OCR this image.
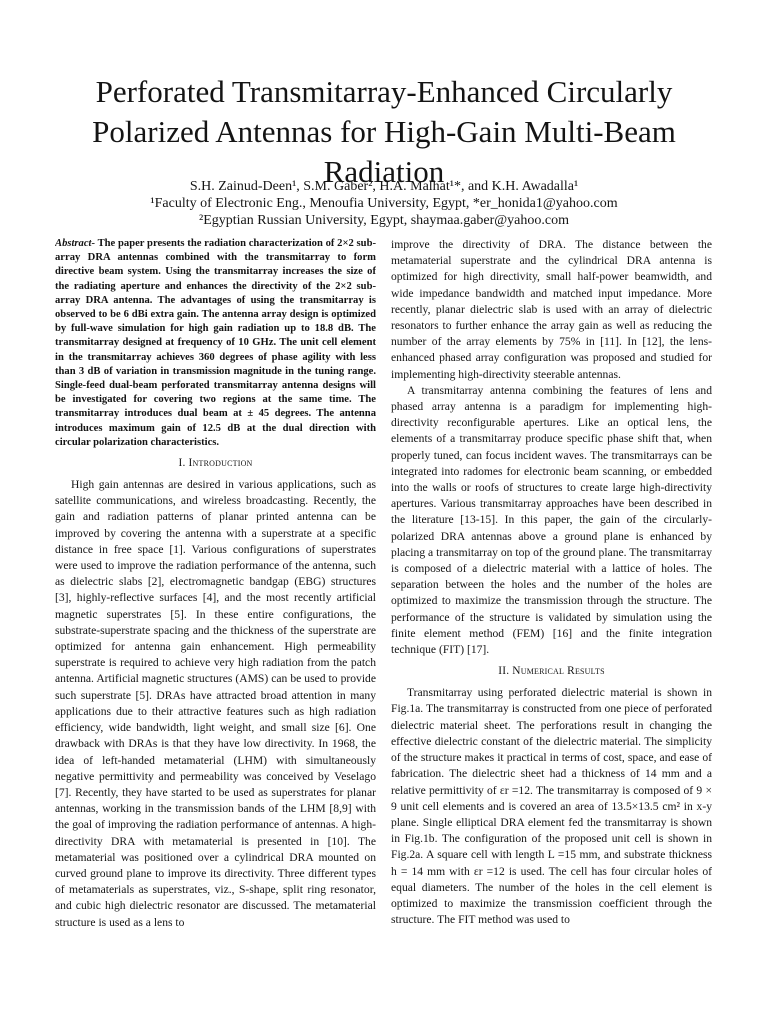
Perforated Transmitarray-Enhanced Circularly
Polarized Antennas for High-Gain Multi-Beam
Radiation
S.H. Zainud-Deen¹, S.M. Gaber², H.A. Malhat¹*, and K.H. Awadalla¹
¹Faculty of Electronic Eng., Menoufia University, Egypt, *er_honida1@yahoo.com
²Egyptian Russian University, Egypt, shaymaa.gaber@yahoo.com

Abstract- The paper presents the radiation characterization of 2×2 sub-array DRA antennas combined with the transmitarray to form directive beam system. Using the transmitarray increases the size of the radiating aperture and enhances the directivity of the 2×2 sub-array DRA antenna. The advantages of using the transmitarray is observed to be 6 dBi extra gain. The antenna array design is optimized by full-wave simulation for high gain radiation up to 18.8 dB. The transmitarray designed at frequency of 10 GHz. The unit cell element in the transmitarray achieves 360 degrees of phase agility with less than 3 dB of variation in transmission magnitude in the tuning range. Single-feed dual-beam perforated transmitarray antenna designs will be investigated for covering two regions at the same time. The transmitarray introduces dual beam at ± 45 degrees. The antenna introduces maximum gain of 12.5 dB at the dual direction with circular polarization characteristics.

I. Introduction

High gain antennas are desired in various applications, such as satellite communications, and wireless broadcasting. Recently, the gain and radiation patterns of planar printed antenna can be improved by covering the antenna with a superstrate at a specific distance in free space [1]. Various configurations of superstrates were used to improve the radiation performance of the antenna, such as dielectric slabs [2], electromagnetic bandgap (EBG) structures [3], highly-reflective surfaces [4], and the most recently artificial magnetic superstrates [5]. In these entire configurations, the substrate-superstrate spacing and the thickness of the superstrate are optimized for antenna gain enhancement. High permeability superstrate is required to achieve very high radiation from the patch antenna. Artificial magnetic structures (AMS) can be used to provide such superstrate [5]. DRAs have attracted broad attention in many applications due to their attractive features such as high radiation efficiency, wide bandwidth, light weight, and small size [6]. One drawback with DRAs is that they have low directivity. In 1968, the idea of left-handed metamaterial (LHM) with simultaneously negative permittivity and permeability was conceived by Veselago [7]. Recently, they have started to be used as superstrates for planar antennas, working in the transmission bands of the LHM [8,9] with the goal of improving the radiation performance of antennas. A high-directivity DRA with metamaterial is presented in [10]. The metamaterial was positioned over a cylindrical DRA mounted on curved ground plane to improve its directivity. Three different types of metamaterials as superstrates, viz., S-shape, split ring resonator, and cubic high dielectric resonator are discussed. The metamaterial structure is used as a lens to

improve the directivity of DRA. The distance between the metamaterial superstrate and the cylindrical DRA antenna is optimized for high directivity, small half-power beamwidth, and wide impedance bandwidth and matched input impedance. More recently, planar dielectric slab is used with an array of dielectric resonators to further enhance the array gain as well as reducing the number of the array elements by 75% in [11]. In [12], the lens-enhanced phased array configuration was proposed and studied for implementing high-directivity steerable antennas.

A transmitarray antenna combining the features of lens and phased array antenna is a paradigm for implementing high-directivity reconfigurable apertures. Like an optical lens, the elements of a transmitarray produce specific phase shift that, when properly tuned, can focus incident waves. The transmitarrays can be integrated into radomes for electronic beam scanning, or embedded into the walls or roofs of structures to create large high-directivity apertures. Various transmitarray approaches have been described in the literature [13-15]. In this paper, the gain of the circularly-polarized DRA antennas above a ground plane is enhanced by placing a transmitarray on top of the ground plane. The transmitarray is composed of a dielectric material with a lattice of holes. The separation between the holes and the number of the holes are optimized to maximize the transmission through the structure. The performance of the structure is validated by simulation using the finite element method (FEM) [16] and the finite integration technique (FIT) [17].

II. Numerical Results

Transmitarray using perforated dielectric material is shown in Fig.1a. The transmitarray is constructed from one piece of perforated dielectric material sheet. The perforations result in changing the effective dielectric constant of the dielectric material. The simplicity of the structure makes it practical in terms of cost, space, and ease of fabrication. The dielectric sheet had a thickness of 14 mm and a relative permittivity of εr =12. The transmitarray is composed of 9 × 9 unit cell elements and is covered an area of 13.5×13.5 cm² in x-y plane. Single elliptical DRA element fed the transmitarray is shown in Fig.1b. The configuration of the proposed unit cell is shown in Fig.2a. A square cell with length L =15 mm, and substrate thickness h = 14 mm with εr =12 is used. The cell has four circular holes of equal diameters. The number of the holes in the cell element is optimized to maximize the transmission coefficient through the structure. The FIT method was used to
